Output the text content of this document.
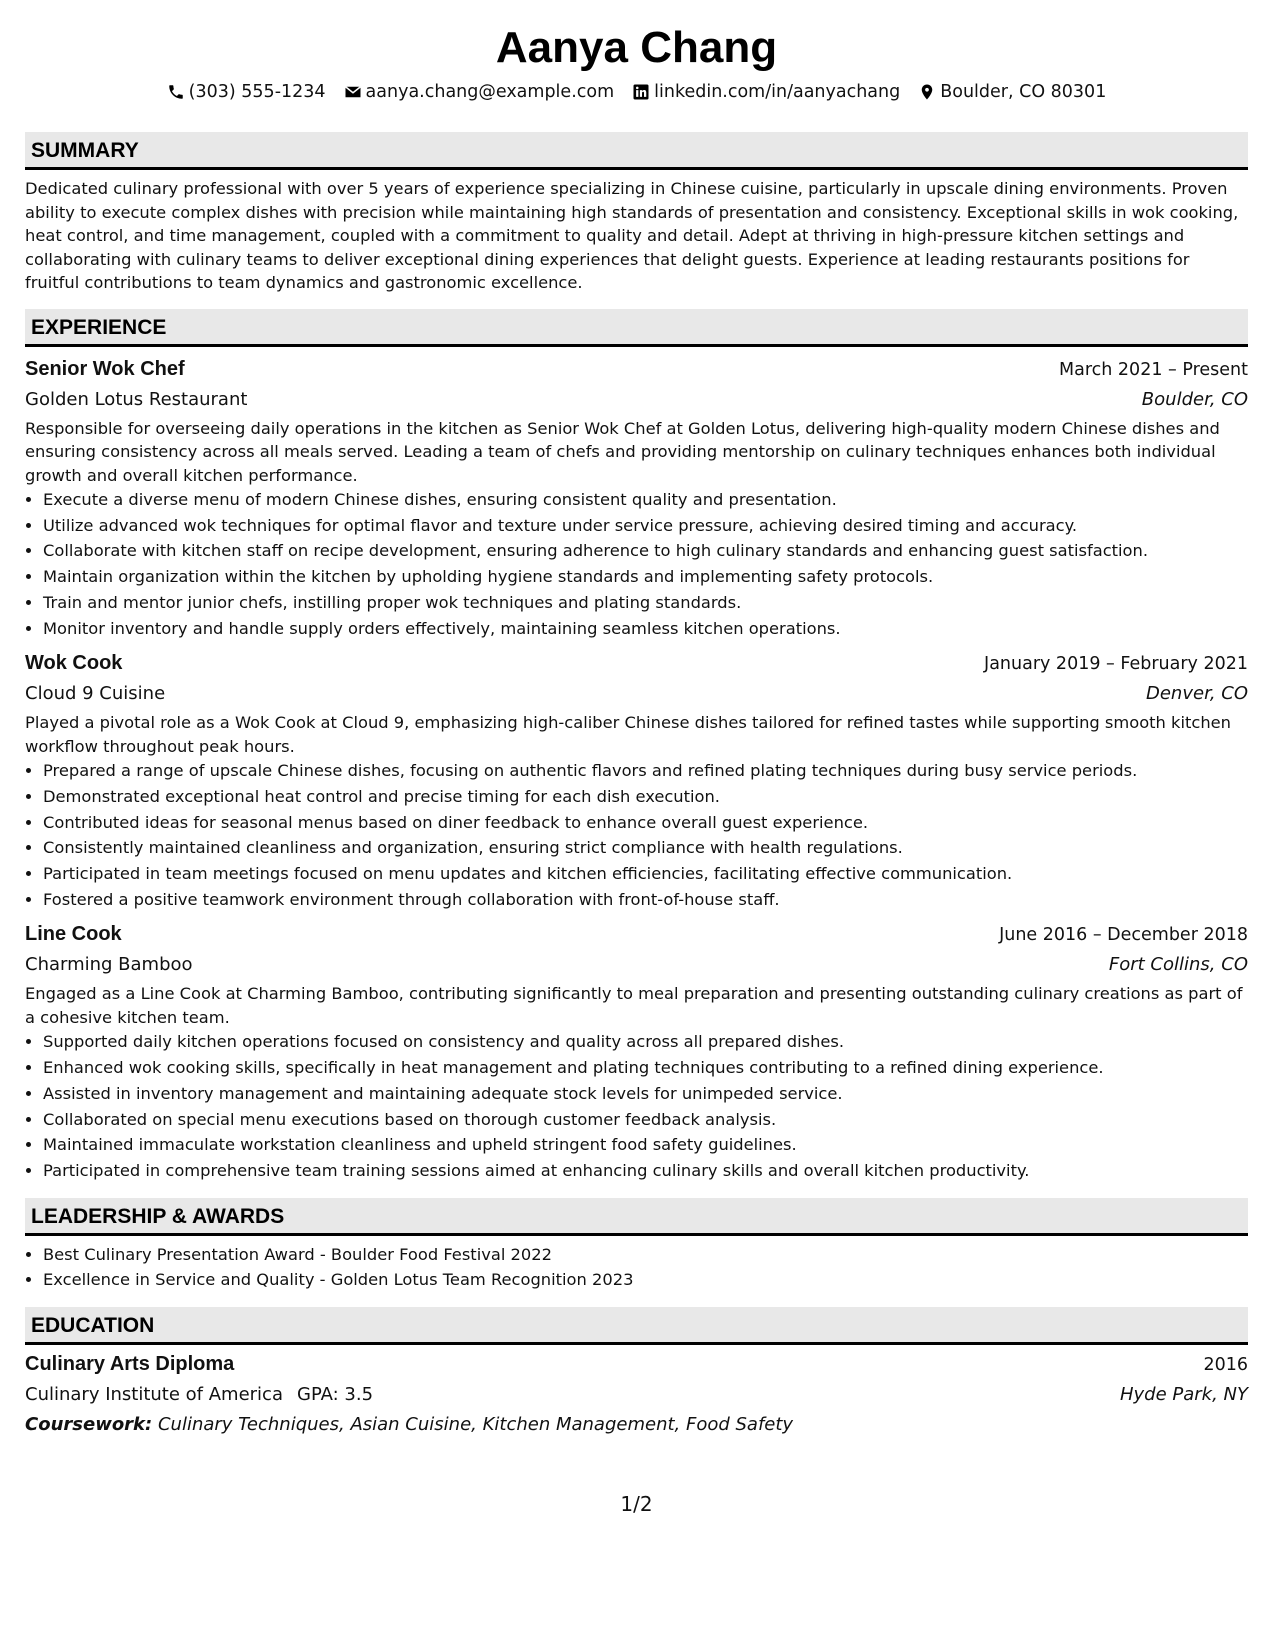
Aanya Chang
(303) 555-1234 aanya.chang@example.com linkedin.com/in/aanyachang Boulder, CO 80301
SUMMARY
Dedicated culinary professional with over 5 years of experience specializing in Chinese cuisine, particularly in upscale dining environments. Proven ability to execute complex dishes with precision while maintaining high standards of presentation and consistency. Exceptional skills in wok cooking, heat control, and time management, coupled with a commitment to quality and detail. Adept at thriving in high-pressure kitchen settings and collaborating with culinary teams to deliver exceptional dining experiences that delight guests. Experience at leading restaurants positions for fruitful contributions to team dynamics and gastronomic excellence.
EXPERIENCE
Senior Wok Chef	March 2021 – Present
Golden Lotus Restaurant	Boulder, CO
Responsible for overseeing daily operations in the kitchen as Senior Wok Chef at Golden Lotus, delivering high-quality modern Chinese dishes and ensuring consistency across all meals served. Leading a team of chefs and providing mentorship on culinary techniques enhances both individual growth and overall kitchen performance.
• Execute a diverse menu of modern Chinese dishes, ensuring consistent quality and presentation.
• Utilize advanced wok techniques for optimal flavor and texture under service pressure, achieving desired timing and accuracy.
• Collaborate with kitchen staff on recipe development, ensuring adherence to high culinary standards and enhancing guest satisfaction.
• Maintain organization within the kitchen by upholding hygiene standards and implementing safety protocols.
• Train and mentor junior chefs, instilling proper wok techniques and plating standards.
• Monitor inventory and handle supply orders effectively, maintaining seamless kitchen operations.
Wok Cook	January 2019 – February 2021
Cloud 9 Cuisine	Denver, CO
Played a pivotal role as a Wok Cook at Cloud 9, emphasizing high-caliber Chinese dishes tailored for refined tastes while supporting smooth kitchen workflow throughout peak hours.
• Prepared a range of upscale Chinese dishes, focusing on authentic flavors and refined plating techniques during busy service periods.
• Demonstrated exceptional heat control and precise timing for each dish execution.
• Contributed ideas for seasonal menus based on diner feedback to enhance overall guest experience.
• Consistently maintained cleanliness and organization, ensuring strict compliance with health regulations.
• Participated in team meetings focused on menu updates and kitchen efficiencies, facilitating effective communication.
• Fostered a positive teamwork environment through collaboration with front-of-house staff.
Line Cook	June 2016 – December 2018
Charming Bamboo	Fort Collins, CO
Engaged as a Line Cook at Charming Bamboo, contributing significantly to meal preparation and presenting outstanding culinary creations as part of a cohesive kitchen team.
• Supported daily kitchen operations focused on consistency and quality across all prepared dishes.
• Enhanced wok cooking skills, specifically in heat management and plating techniques contributing to a refined dining experience.
• Assisted in inventory management and maintaining adequate stock levels for unimpeded service.
• Collaborated on special menu executions based on thorough customer feedback analysis.
• Maintained immaculate workstation cleanliness and upheld stringent food safety guidelines.
• Participated in comprehensive team training sessions aimed at enhancing culinary skills and overall kitchen productivity.
LEADERSHIP & AWARDS
• Best Culinary Presentation Award - Boulder Food Festival 2022
• Excellence in Service and Quality - Golden Lotus Team Recognition 2023
EDUCATION
Culinary Arts Diploma	2016
Culinary Institute of America GPA: 3.5	Hyde Park, NY
Coursework: Culinary Techniques, Asian Cuisine, Kitchen Management, Food Safety
1/2
